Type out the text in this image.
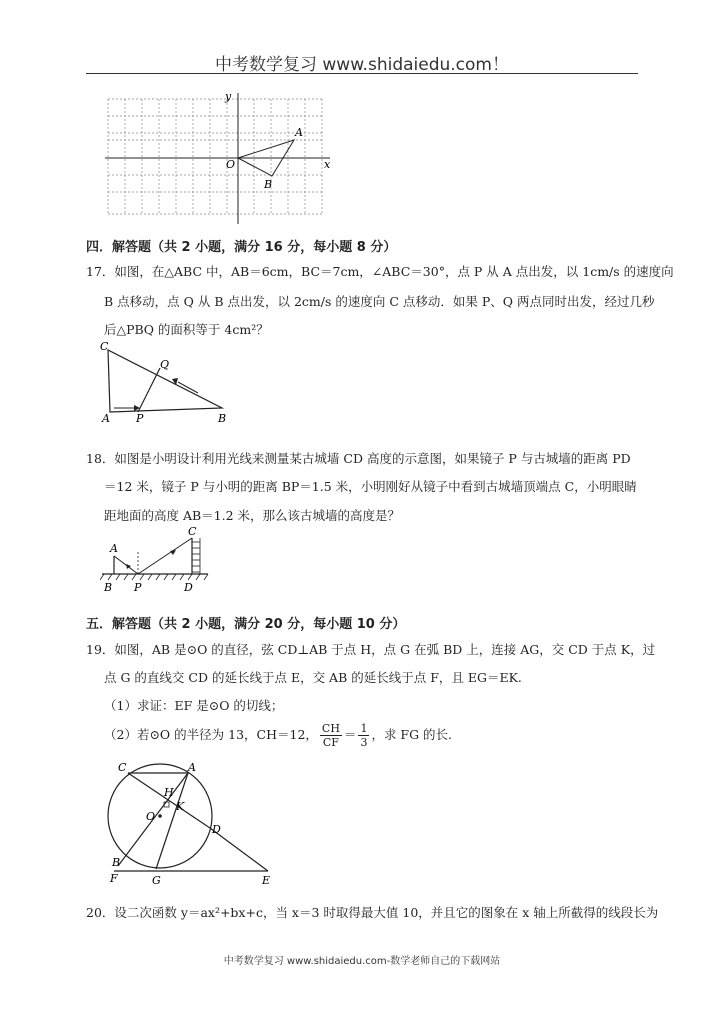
中考数学复习 www.shidaiedu.com！
y
x
O
A
B
四．解答题（共 2 小题，满分 16 分，每小题 8 分）
17．如图，在△ABC 中，AB＝6cm，BC＝7cm，∠ABC＝30°，点 P 从 A 点出发，以 1cm/s 的速度向
B 点移动，点 Q 从 B 点出发，以 2cm/s 的速度向 C 点移动．如果 P、Q 两点同时出发，经过几秒
后△PBQ 的面积等于 4cm²？
C
Q
A P	B
18．如图是小明设计利用光线来测量某古城墙 CD 高度的示意图，如果镜子 P 与古城墙的距离 PD
＝12 米，镜子 P 与小明的距离 BP＝1.5 米，小明刚好从镜子中看到古城墙顶端点 C，小明眼睛
距地面的高度 AB＝1.2 米，那么该古城墙的高度是？
A
C
B P	D
五．解答题（共 2 小题，满分 20 分，每小题 10 分）
19．如图，AB 是⊙O 的直径，弦 CD⊥AB 于点 H，点 G 在弧 BD 上，连接 AG，交 CD 于点 K，过
点 G 的直线交 CD 的延长线于点 E，交 AB 的延长线于点 F，且 EG＝EK.
（1）求证：EF 是⊙O 的切线；
（2）若⊙O 的半径为 13，CH＝12， $\frac{CH}{CF} = \frac{1}{3}$ ，求 FG 的长.
C	A
H
K
O
D
B
F	G	E
20．设二次函数 y＝ax²+bx+c，当 x＝3 时取得最大值 10，并且它的图象在 x 轴上所截得的线段长为
中考数学复习 www.shidaiedu.com-数学老师自己的下载网站
